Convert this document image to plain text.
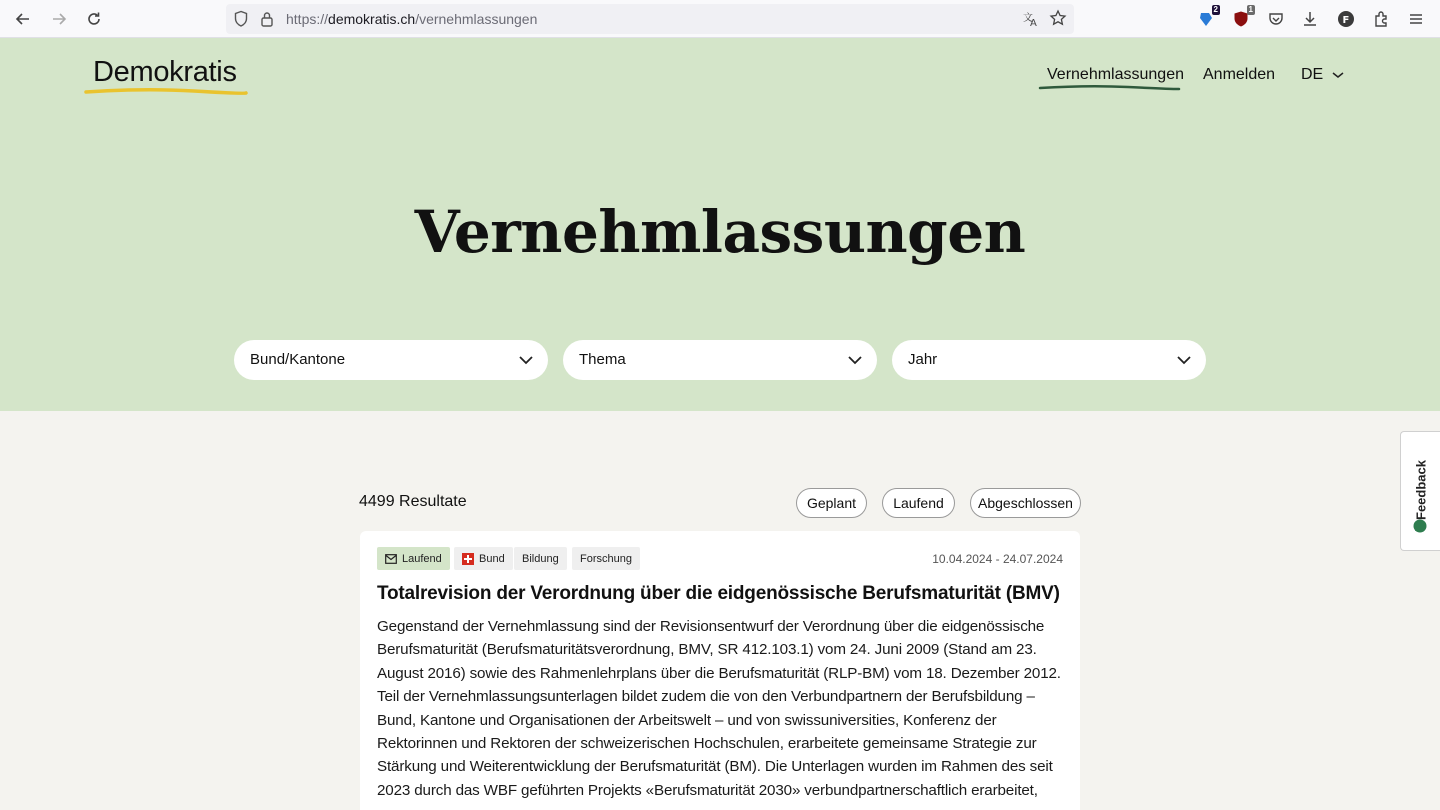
https://demokratis.ch/vernehmlassungen	文
A
2	1
F
Demokratis	Vernehmlassungen Anmelden DE
Vernehmlassungen
Bund/Kantone	Thema	Jahr
4499 Resultate	Geplant	Laufend	Abgeschlossen
Laufend	Bund	Bildung	Forschung	10.04.2024 - 24.07.2024
Totalrevision der Verordnung über die eidgenössische Berufsmaturität (BMV)
Gegenstand der Vernehmlassung sind der Revisionsentwurf der Verordnung über die eidgenössische Berufsmaturität (Berufsmaturitätsverordnung, BMV, SR 412.103.1) vom 24. Juni 2009 (Stand am 23. August 2016) sowie des Rahmenlehrplans über die Berufsmaturität (RLP-BM) vom 18. Dezember 2012. Teil der Vernehmlassungsunterlagen bildet zudem die von den Verbundpartnern der Berufsbildung – Bund, Kantone und Organisationen der Arbeitswelt – und von swissuniversities, Konferenz der Rektorinnen und Rektoren der schweizerischen Hochschulen, erarbeitete gemeinsame Strategie zur Stärkung und Weiterentwicklung der Berufsmaturität (BM). Die Unterlagen wurden im Rahmen des seit 2023 durch das WBF geführten Projekts «Berufsmaturität 2030» verbundpartnerschaftlich erarbeitet,
Feedback
